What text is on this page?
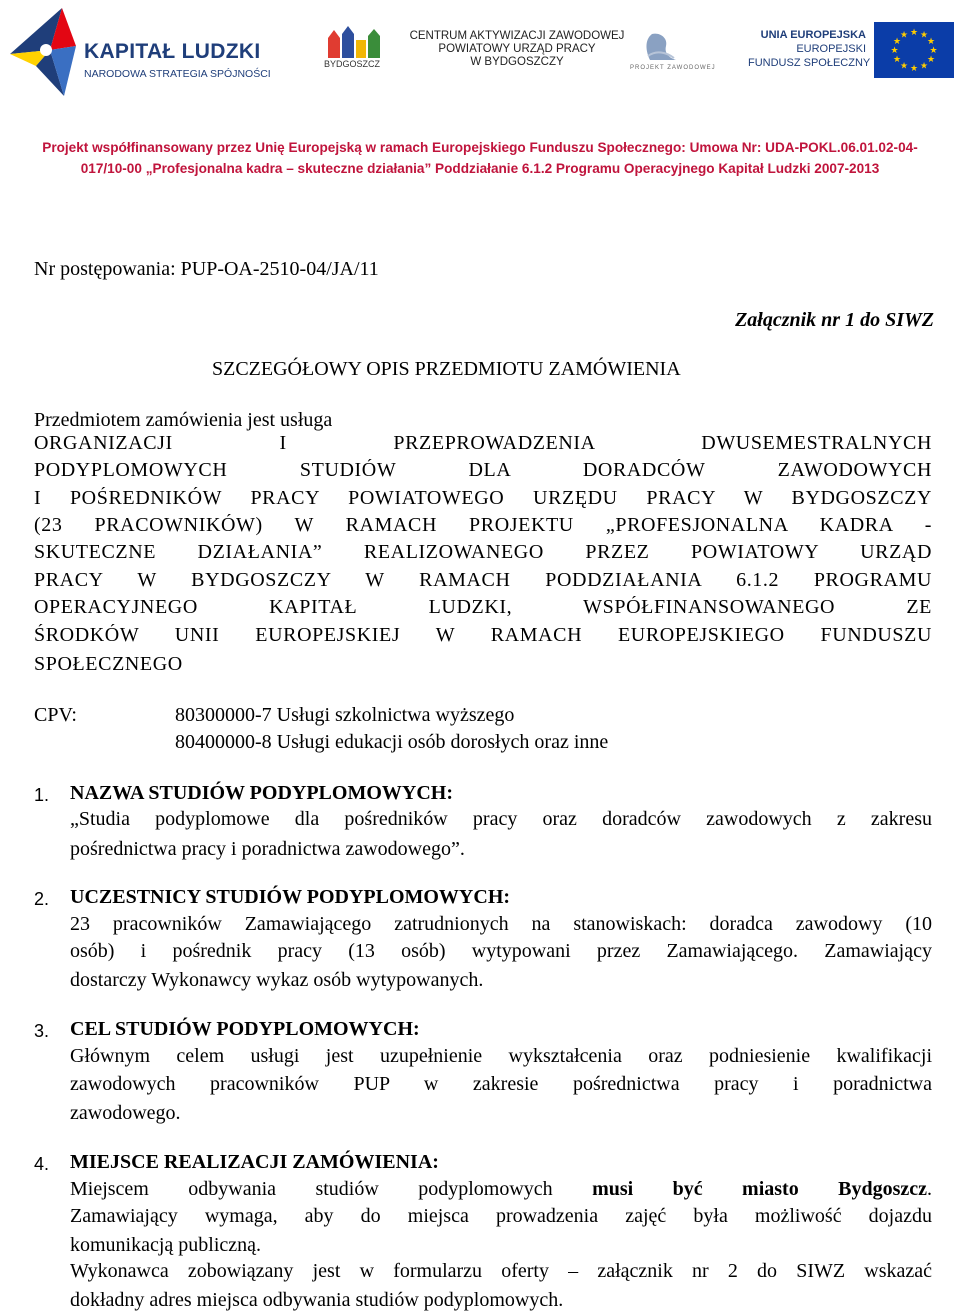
KAPITAŁ LUDZKI
NARODOWA STRATEGIA SPÓJNOŚCI
BYDGOSZCZ
CENTRUM AKTYWIZACJI ZAWODOWEJ
POWIATOWY URZĄD PRACY
W BYDGOSZCZY	PROJEKT ZAWODOWEJ
UNIA EUROPEJSKA
EUROPEJSKI
FUNDUSZ SPOŁECZNY
★ ★
★
★
★
★
★
★
★
★
★
★
Projekt współfinansowany przez Unię Europejską w ramach Europejskiego Funduszu Społecznego: Umowa Nr: UDA-POKL.06.01.02-04-
017/10-00 „Profesjonalna kadra – skuteczne działania” Poddziałanie 6.1.2 Programu Operacyjnego Kapitał Ludzki 2007-2013
Nr postępowania: PUP-OA-2510-04/JA/11
Załącznik nr 1 do SIWZ
SZCZEGÓŁOWY OPIS PRZEDMIOTU ZAMÓWIENIA
Przedmiotem zamówienia jest usługa
ORGANIZACJI I PRZEPROWADZENIA DWUSEMESTRALNYCH
PODYPLOMOWYCH STUDIÓW DLA DORADCÓW ZAWODOWYCH
I POŚREDNIKÓW PRACY POWIATOWEGO URZĘDU PRACY W BYDGOSZCZY
(23 PRACOWNIKÓW) W RAMACH PROJEKTU „PROFESJONALNA KADRA -
SKUTECZNE DZIAŁANIA” REALIZOWANEGO PRZEZ POWIATOWY URZĄD
PRACY W BYDGOSZCZY W RAMACH PODDZIAŁANIA 6.1.2 PROGRAMU
OPERACYJNEGO KAPITAŁ LUDZKI, WSPÓŁFINANSOWANEGO ZE
ŚRODKÓW UNII EUROPEJSKIEJ W RAMACH EUROPEJSKIEGO FUNDUSZU
SPOŁECZNEGO
CPV:	80300000-7 Usługi szkolnictwa wyższego
80400000-8 Usługi edukacji osób dorosłych oraz inne
1. NAZWA STUDIÓW PODYPLOMOWYCH:
„Studia podyplomowe dla pośredników pracy oraz doradców zawodowych z zakresu
pośrednictwa pracy i poradnictwa zawodowego”.
2. UCZESTNICY STUDIÓW PODYPLOMOWYCH:
23 pracowników Zamawiającego zatrudnionych na stanowiskach: doradca zawodowy (10
osób) i pośrednik pracy (13 osób) wytypowani przez Zamawiającego. Zamawiający
dostarczy Wykonawcy wykaz osób wytypowanych.
3. CEL STUDIÓW PODYPLOMOWYCH:
Głównym celem usługi jest uzupełnienie wykształcenia oraz podniesienie kwalifikacji
zawodowych pracowników PUP w zakresie pośrednictwa pracy i poradnictwa
zawodowego.
4. MIEJSCE REALIZACJI ZAMÓWIENIA:
Miejscem odbywania studiów podyplomowych musi być miasto Bydgoszcz.
Zamawiający wymaga, aby do miejsca prowadzenia zajęć była możliwość dojazdu
komunikacją publiczną.
Wykonawca zobowiązany jest w formularzu oferty – załącznik nr 2 do SIWZ wskazać
dokładny adres miejsca odbywania studiów podyplomowych.
